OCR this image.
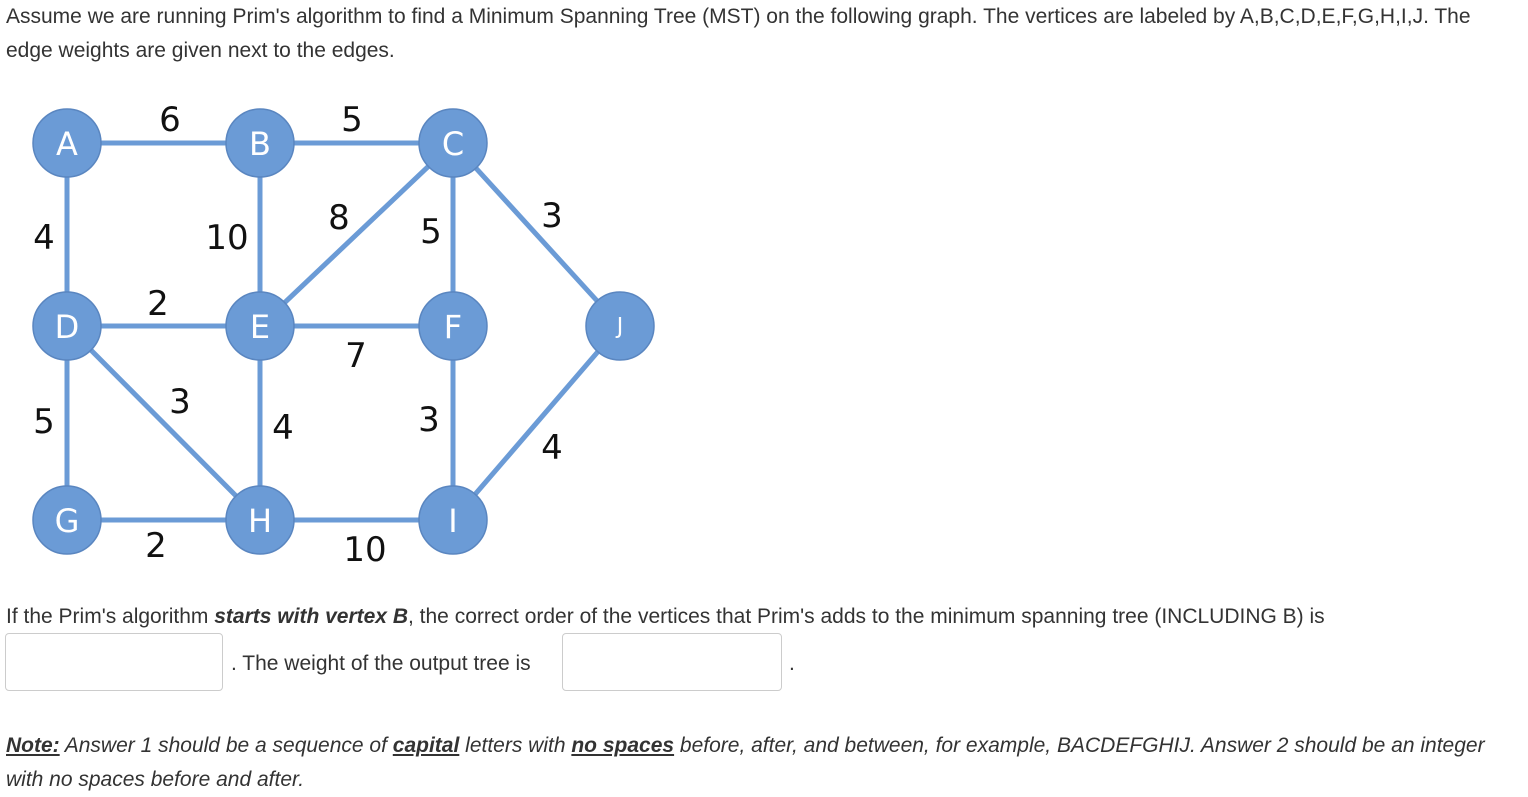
Assume we are running Prim's algorithm to find a Minimum Spanning Tree (MST) on the following graph. The vertices are labeled by A,B,C,D,E,F,G,H,I,J. The edge weights are given next to the edges.
6	5
4	10 8 5	3
2
7
5	3
4	3
4
2	10
A	B	C
D	E	F
G	H	I
J
If the Prim's algorithm starts with vertex B, the correct order of the vertices that Prim's adds to the minimum spanning tree (INCLUDING B) is
. The weight of the output tree is	.
Note: Answer 1 should be a sequence of capital letters with no spaces before, after, and between, for example, BACDEFGHIJ. Answer 2 should be an integer with no spaces before and after.
